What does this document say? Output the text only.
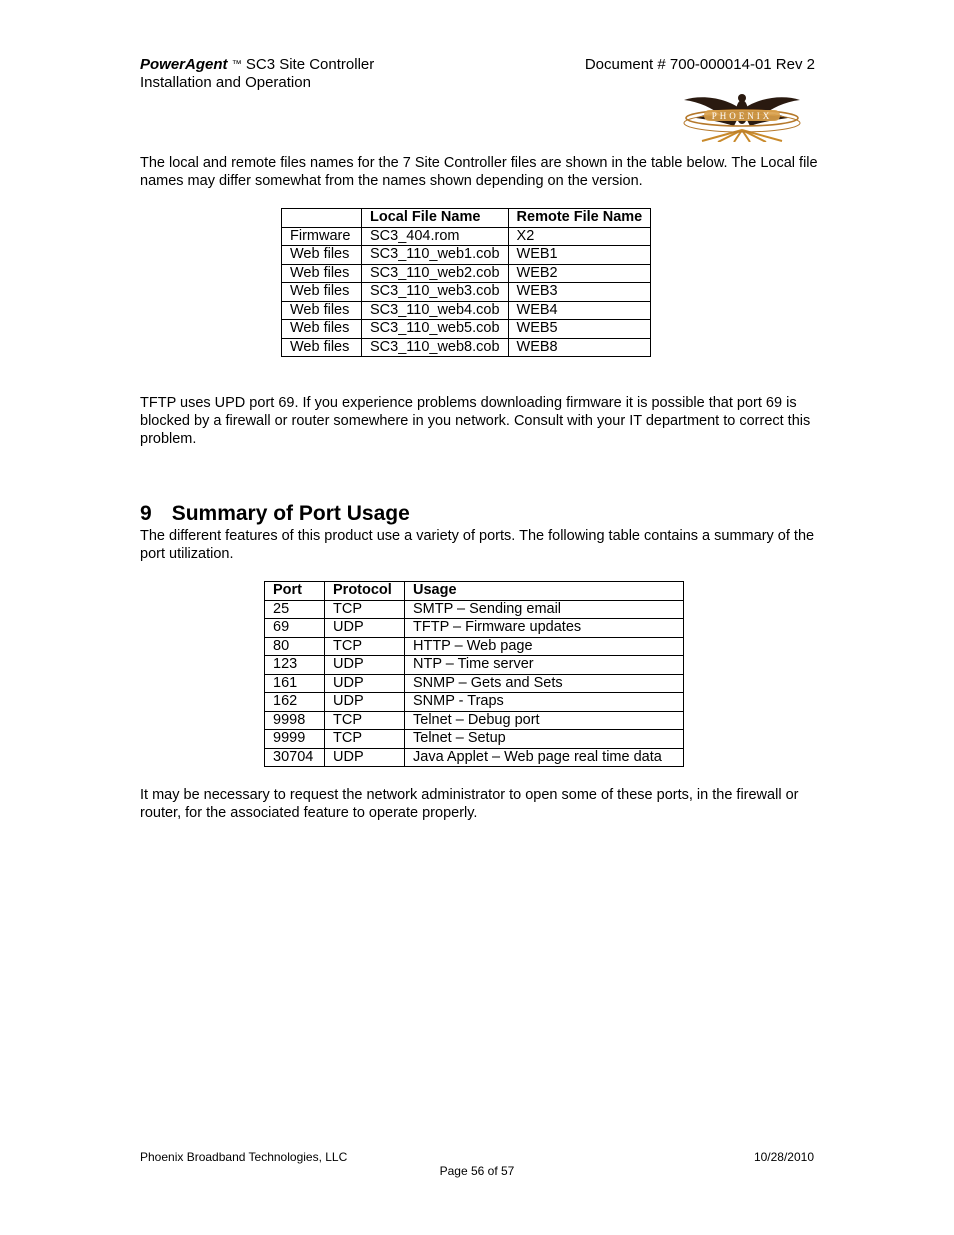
PowerAgent ™ SC3 Site Controller
Installation and Operation
Document # 700-000014-01 Rev 2
PHOENIX
The local and remote files names for the 7 Site Controller files are shown in the table below. The Local file names may differ somewhat from the names shown depending on the version.
	Local File Name	Remote File Name
Firmware	SC3_404.rom	X2
Web files	SC3_110_web1.cob	WEB1
Web files	SC3_110_web2.cob	WEB2
Web files	SC3_110_web3.cob	WEB3
Web files	SC3_110_web4.cob	WEB4
Web files	SC3_110_web5.cob	WEB5
Web files	SC3_110_web8.cob	WEB8
TFTP uses UPD port 69. If you experience problems downloading firmware it is possible that port 69 is blocked by a firewall or router somewhere in you network. Consult with your IT department to correct this problem.
9 Summary of Port Usage
The different features of this product use a variety of ports. The following table contains a summary of the port utilization.
Port	Protocol	Usage
25	TCP	SMTP – Sending email
69	UDP	TFTP – Firmware updates
80	TCP	HTTP – Web page
123	UDP	NTP – Time server
161	UDP	SNMP – Gets and Sets
162	UDP	SNMP - Traps
9998	TCP	Telnet – Debug port
9999	TCP	Telnet – Setup
30704	UDP	Java Applet – Web page real time data
It may be necessary to request the network administrator to open some of these ports, in the firewall or router, for the associated feature to operate properly.
Phoenix Broadband Technologies, LLC	10/28/2010
Page 56 of 57
